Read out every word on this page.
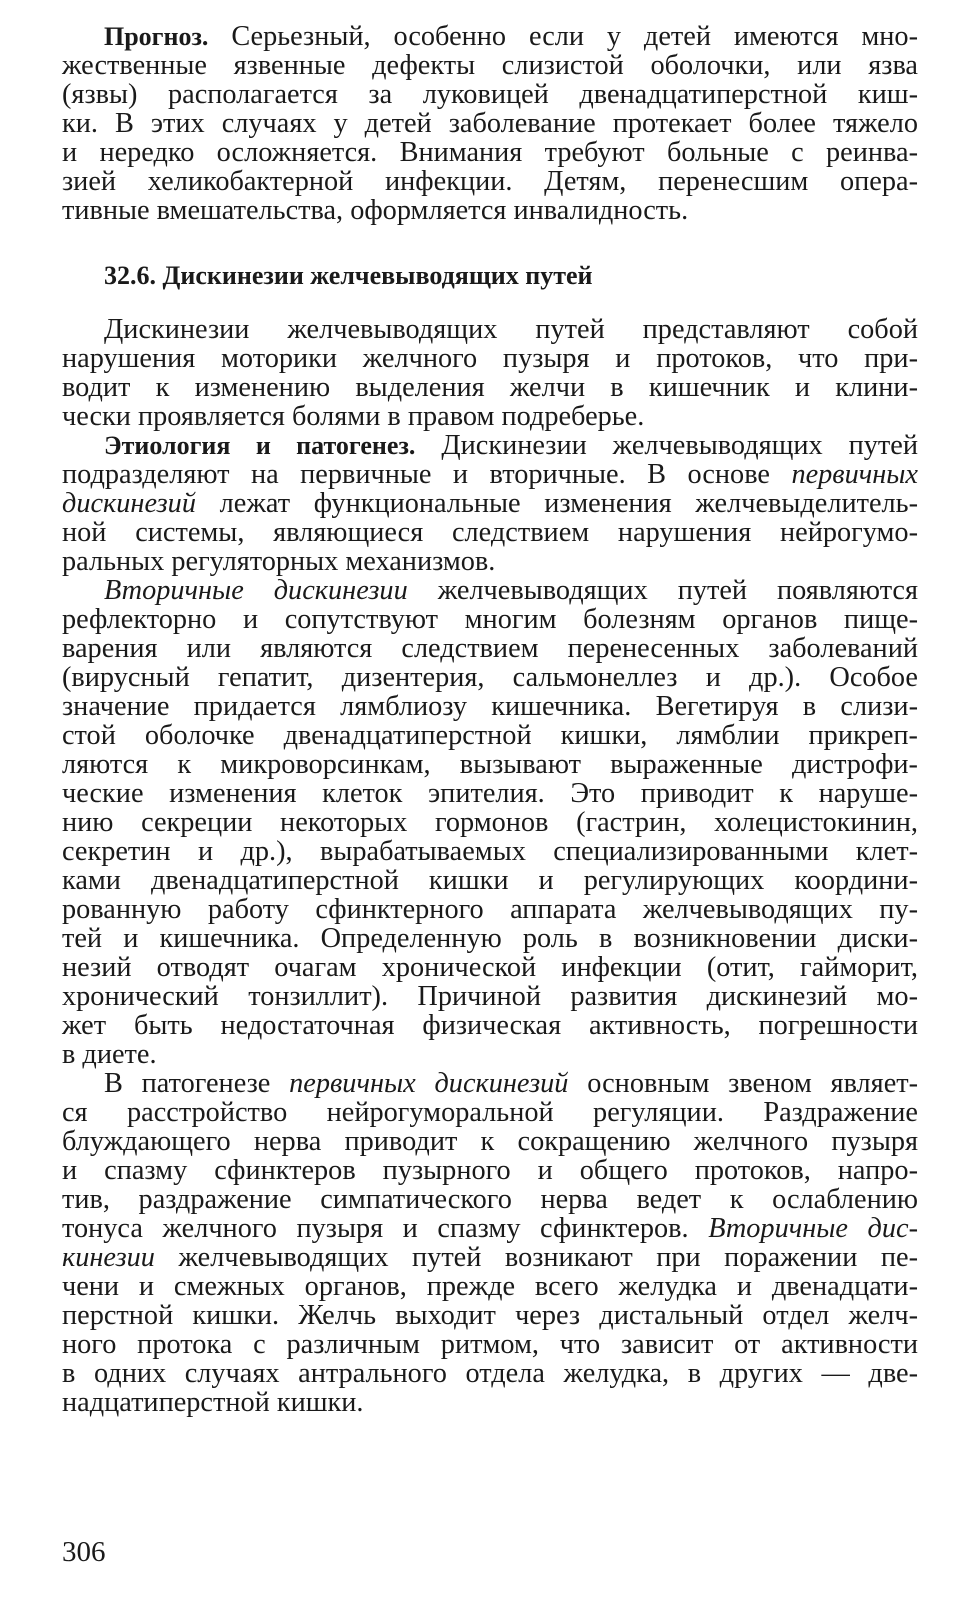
Прогноз. Серьезный, особенно если у детей имеются мно-
жественные язвенные дефекты слизистой оболочки, или язва
(язвы) располагается за луковицей двенадцатиперстной киш-
ки. В этих случаях у детей заболевание протекает более тяжело
и нередко осложняется. Внимания требуют больные с реинва-
зией хеликобактерной инфекции. Детям, перенесшим опера-
тивные вмешательства, оформляется инвалидность.
32.6. Дискинезии желчевыводящих путей
Дискинезии желчевыводящих путей представляют собой
нарушения моторики желчного пузыря и протоков, что при-
водит к изменению выделения желчи в кишечник и клини-
чески проявляется болями в правом подреберье.
Этиология и патогенез. Дискинезии желчевыводящих путей
подразделяют на первичные и вторичные. В основе первичных
дискинезий лежат функциональные изменения желчевыделитель-
ной системы, являющиеся следствием нарушения нейрогумо-
ральных регуляторных механизмов.
Вторичные дискинезии желчевыводящих путей появляются
рефлекторно и сопутствуют многим болезням органов пище-
варения или являются следствием перенесенных заболеваний
(вирусный гепатит, дизентерия, сальмонеллез и др.). Особое
значение придается лямблиозу кишечника. Вегетируя в слизи-
стой оболочке двенадцатиперстной кишки, лямблии прикреп-
ляются к микроворсинкам, вызывают выраженные дистрофи-
ческие изменения клеток эпителия. Это приводит к наруше-
нию секреции некоторых гормонов (гастрин, холецистокинин,
секретин и др.), вырабатываемых специализированными клет-
ками двенадцатиперстной кишки и регулирующих координи-
рованную работу сфинктерного аппарата желчевыводящих пу-
тей и кишечника. Определенную роль в возникновении диски-
незий отводят очагам хронической инфекции (отит, гайморит,
хронический тонзиллит). Причиной развития дискинезий мо-
жет быть недостаточная физическая активность, погрешности
в диете.
В патогенезе первичных дискинезий основным звеном являет-
ся расстройство нейрогуморальной регуляции. Раздражение
блуждающего нерва приводит к сокращению желчного пузыря
и спазму сфинктеров пузырного и общего протоков, напро-
тив, раздражение симпатического нерва ведет к ослаблению
тонуса желчного пузыря и спазму сфинктеров. Вторичные дис-
кинезии желчевыводящих путей возникают при поражении пе-
чени и смежных органов, прежде всего желудка и двенадцати-
перстной кишки. Желчь выходит через дистальный отдел желч-
ного протока с различным ритмом, что зависит от активности
в одних случаях антрального отдела желудка, в других — две-
надцатиперстной кишки.
306
